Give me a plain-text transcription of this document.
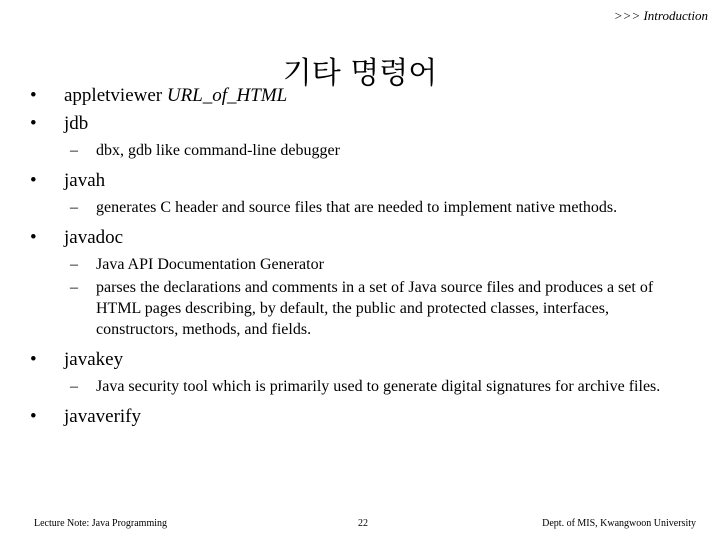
>>> Introduction
기타 명령어
• appletviewer URL_of_HTML
• jdb
– dbx, gdb like command-line debugger
• javah
– generates C header and source files that are needed to implement native methods.
• javadoc
– Java API Documentation Generator
– parses the declarations and comments in a set of Java source files and produces a set of HTML pages describing, by default, the public and protected classes, interfaces, constructors, methods, and fields.
• javakey
– Java security tool which is primarily used to generate digital signatures for archive files.
• javaverify
Lecture Note: Java Programming	22	Dept. of MIS, Kwangwoon University
